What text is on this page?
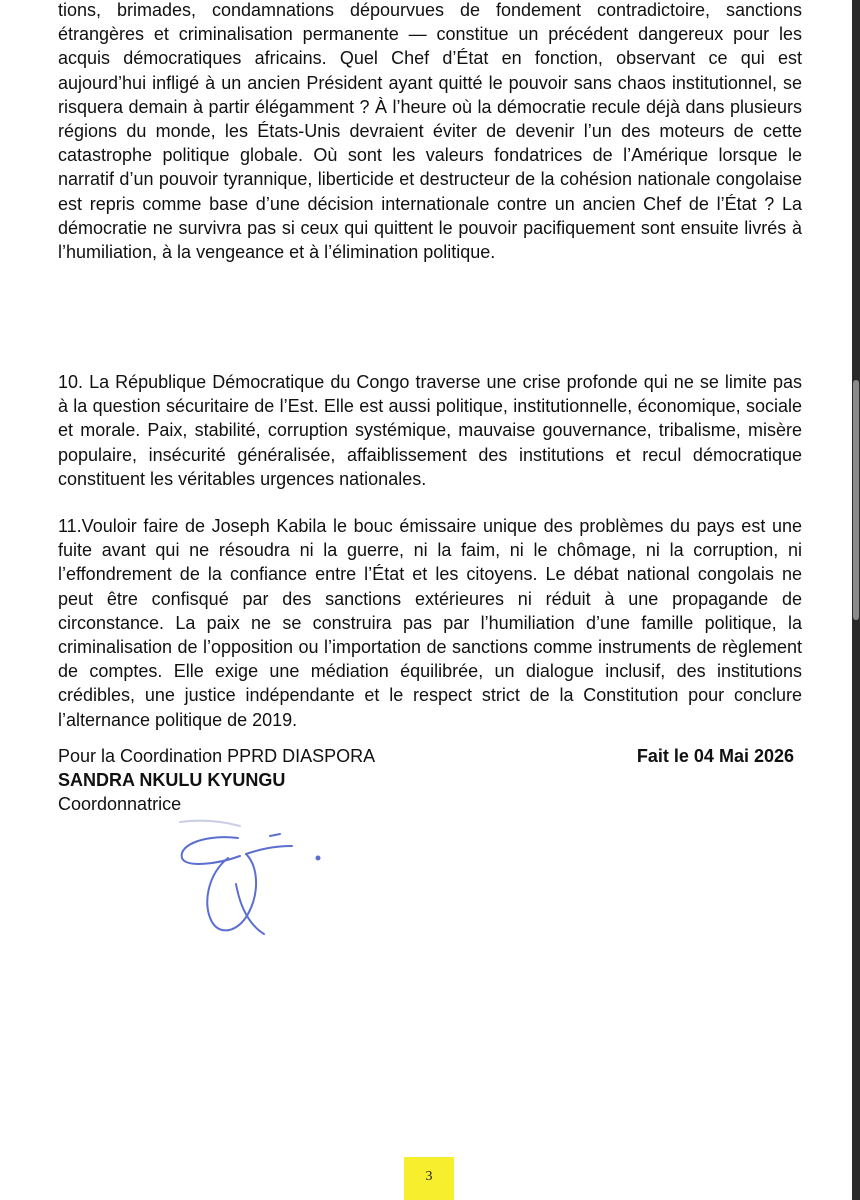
tions, brimades, condamnations dépourvues de fondement contradictoire, sanctions étrangères et criminalisation permanente — constitue un précédent dangereux pour les acquis démocratiques africains. Quel Chef d’État en fonction, observant ce qui est aujourd’hui infligé à un ancien Président ayant quitté le pouvoir sans chaos institutionnel, se risquera demain à partir élégamment ? À l’heure où la démocratie recule déjà dans plusieurs régions du monde, les États-Unis devraient éviter de devenir l’un des moteurs de cette catastrophe politique globale. Où sont les valeurs fondatrices de l’Amérique lorsque le narratif d’un pouvoir tyrannique, liberticide et destructeur de la cohésion nationale congolaise est repris comme base d’une décision internationale contre un ancien Chef de l’État ? La démocratie ne survivra pas si ceux qui quittent le pouvoir pacifiquement sont ensuite livrés à l’humiliation, à la vengeance et à l’élimination politique.

10. La République Démocratique du Congo traverse une crise profonde qui ne se limite pas à la question sécuritaire de l’Est. Elle est aussi politique, institutionnelle, économique, sociale et morale. Paix, stabilité, corruption systémique, mauvaise gouvernance, tribalisme, misère populaire, insécurité généralisée, affaiblissement des institutions et recul démocratique constituent les véritables urgences nationales.

11.Vouloir faire de Joseph Kabila le bouc émissaire unique des problèmes du pays est une fuite avant qui ne résoudra ni la guerre, ni la faim, ni le chômage, ni la corruption, ni l’effondrement de la confiance entre l’État et les citoyens. Le débat national congolais ne peut être confisqué par des sanctions extérieures ni réduit à une propagande de circonstance. La paix ne se construira pas par l’humiliation d’une famille politique, la criminalisation de l’opposition ou l’importation de sanctions comme instruments de règlement de comptes. Elle exige une médiation équilibrée, un dialogue inclusif, des institutions crédibles, une justice indépendante et le respect strict de la Constitution pour conclure l’alternance politique de 2019.

Pour la Coordination PPRD DIASPORA
SANDRA NKULU KYUNGU
Coordonnatrice
Fait le 04 Mai 2026
3
